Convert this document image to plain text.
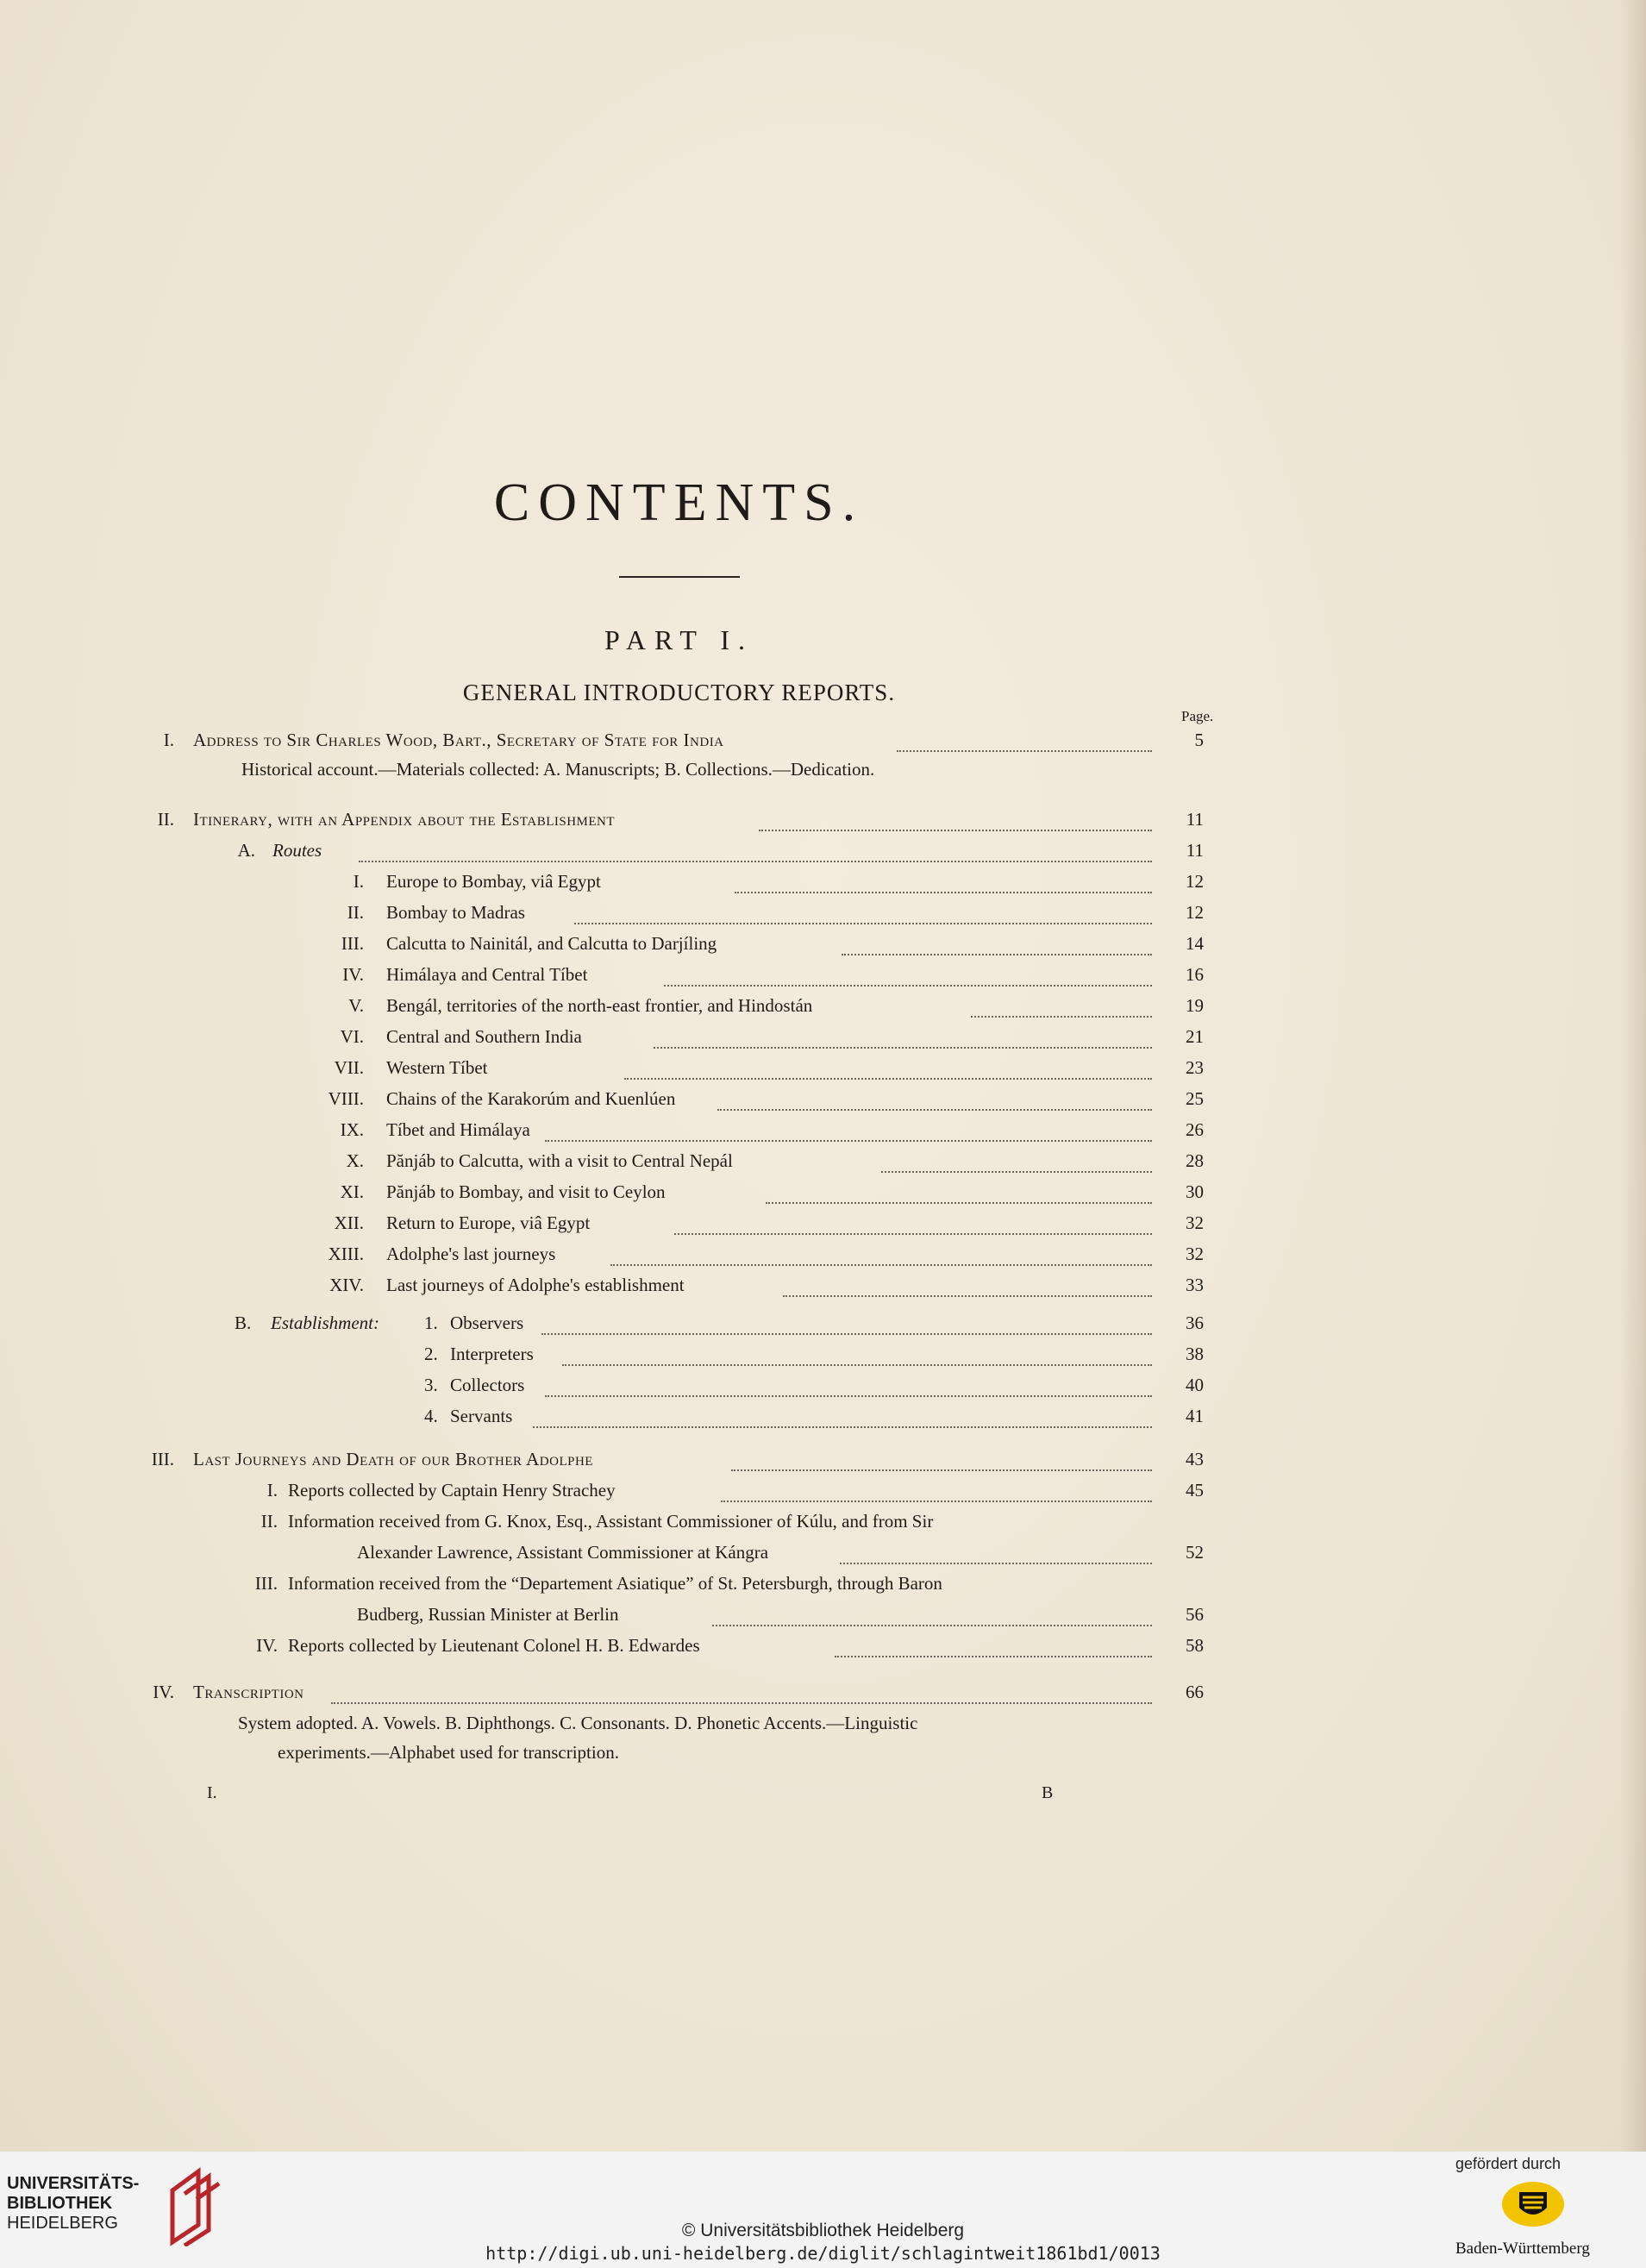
CONTENTS.
PART I.
GENERAL INTRODUCTORY REPORTS.
Page.
I. Address to Sir Charles Wood, Bart., Secretary of State for India	5
Historical account.—Materials collected: A. Manuscripts; B. Collections.—Dedication.
II. Itinerary, with an Appendix about the Establishment	11
A. Routes	11
I. Europe to Bombay, viâ Egypt	12
II. Bombay to Madras	12
III. Calcutta to Nainitál, and Calcutta to Darjíling	14
IV. Himálaya and Central Tíbet	16
V. Bengál, territories of the north-east frontier, and Hindostán	19
VI. Central and Southern India	21
VII. Western Tíbet	23
VIII. Chains of the Karakorúm and Kuenlúen	25
IX. Tíbet and Himálaya	26
X. Pănjáb to Calcutta, with a visit to Central Nepál	28
XI. Pănjáb to Bombay, and visit to Ceylon	30
XII. Return to Europe, viâ Egypt	32
XIII. Adolphe's last journeys	32
XIV. Last journeys of Adolphe's establishment	33
B. Establishment: 1. Observers	36
2. Interpreters	38
3. Collectors	40
4. Servants	41
III. Last Journeys and Death of our Brother Adolphe	43
I. Reports collected by Captain Henry Strachey	45
II. Information received from G. Knox, Esq., Assistant Commissioner of Kúlu, and from Sir
Alexander Lawrence, Assistant Commissioner at Kángra	52
III. Information received from the “Departement Asiatique” of St. Petersburgh, through Baron
Budberg, Russian Minister at Berlin	56
IV. Reports collected by Lieutenant Colonel H. B. Edwardes	58
IV. Transcription	66
System adopted. A. Vowels. B. Diphthongs. C. Consonants. D. Phonetic Accents.—Linguistic
experiments.—Alphabet used for transcription.
I.	B
UNIVERSITÄTS-
BIBLIOTHEK
HEIDELBERG	© Universitätsbibliothek Heidelberg
http://digi.ub.uni-heidelberg.de/diglit/schlagintweit1861bd1/0013
gefördert durch
Baden-Württemberg
